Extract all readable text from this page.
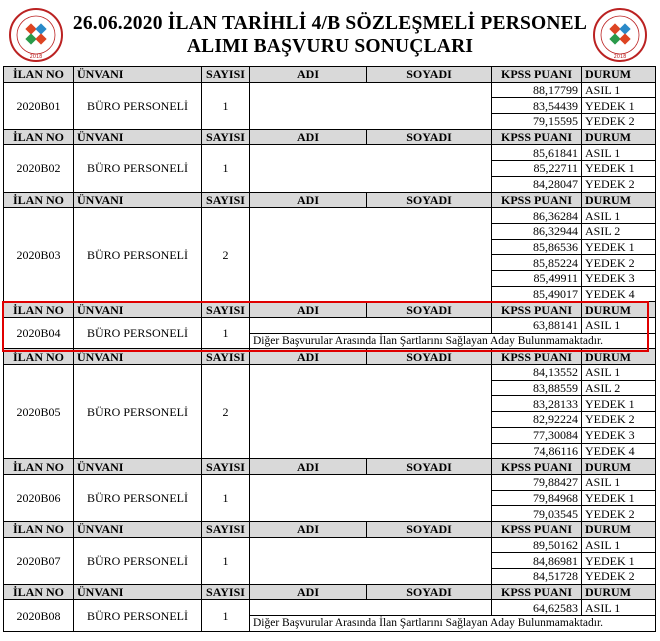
2018
26.06.2020 İLAN TARİHLİ 4/B SÖZLEŞMELİ PERSONEL
ALIMI BAŞVURU SONUÇLARI	2018
İLAN NO	ÜNVANI	SAYISI	ADI	SOYADI	KPSS PUANI	DURUM
2020B01	BÜRO PERSONELİ	1			88,17799	ASIL 1
					83,54439	YEDEK 1
					79,15595	YEDEK 2
İLAN NO	ÜNVANI	SAYISI	ADI	SOYADI	KPSS PUANI	DURUM
2020B02	BÜRO PERSONELİ	1			85,61841	ASIL 1
					85,22711	YEDEK 1
					84,28047	YEDEK 2
İLAN NO	ÜNVANI	SAYISI	ADI	SOYADI	KPSS PUANI	DURUM
2020B03	BÜRO PERSONELİ	2			86,36284	ASIL 1
					86,32944	ASIL 2
					85,86536	YEDEK 1
					85,85224	YEDEK 2
					85,49911	YEDEK 3
					85,49017	YEDEK 4
İLAN NO	ÜNVANI	SAYISI	ADI	SOYADI	KPSS PUANI	DURUM
2020B04	BÜRO PERSONELİ	1			63,88141	ASIL 1
			Diğer Başvurular Arasında İlan Şartlarını Sağlayan Aday Bulunmamaktadır.			
İLAN NO	ÜNVANI	SAYISI	ADI	SOYADI	KPSS PUANI	DURUM
2020B05	BÜRO PERSONELİ	2			84,13552	ASIL 1
					83,88559	ASIL 2
					83,28133	YEDEK 1
					82,92224	YEDEK 2
					77,30084	YEDEK 3
					74,86116	YEDEK 4
İLAN NO	ÜNVANI	SAYISI	ADI	SOYADI	KPSS PUANI	DURUM
2020B06	BÜRO PERSONELİ	1			79,88427	ASIL 1
					79,84968	YEDEK 1
					79,03545	YEDEK 2
İLAN NO	ÜNVANI	SAYISI	ADI	SOYADI	KPSS PUANI	DURUM
2020B07	BÜRO PERSONELİ	1			89,50162	ASIL 1
					84,86981	YEDEK 1
					84,51728	YEDEK 2
İLAN NO	ÜNVANI	SAYISI	ADI	SOYADI	KPSS PUANI	DURUM
2020B08	BÜRO PERSONELİ	1			64,62583	ASIL 1
			Diğer Başvurular Arasında İlan Şartlarını Sağlayan Aday Bulunmamaktadır.			
